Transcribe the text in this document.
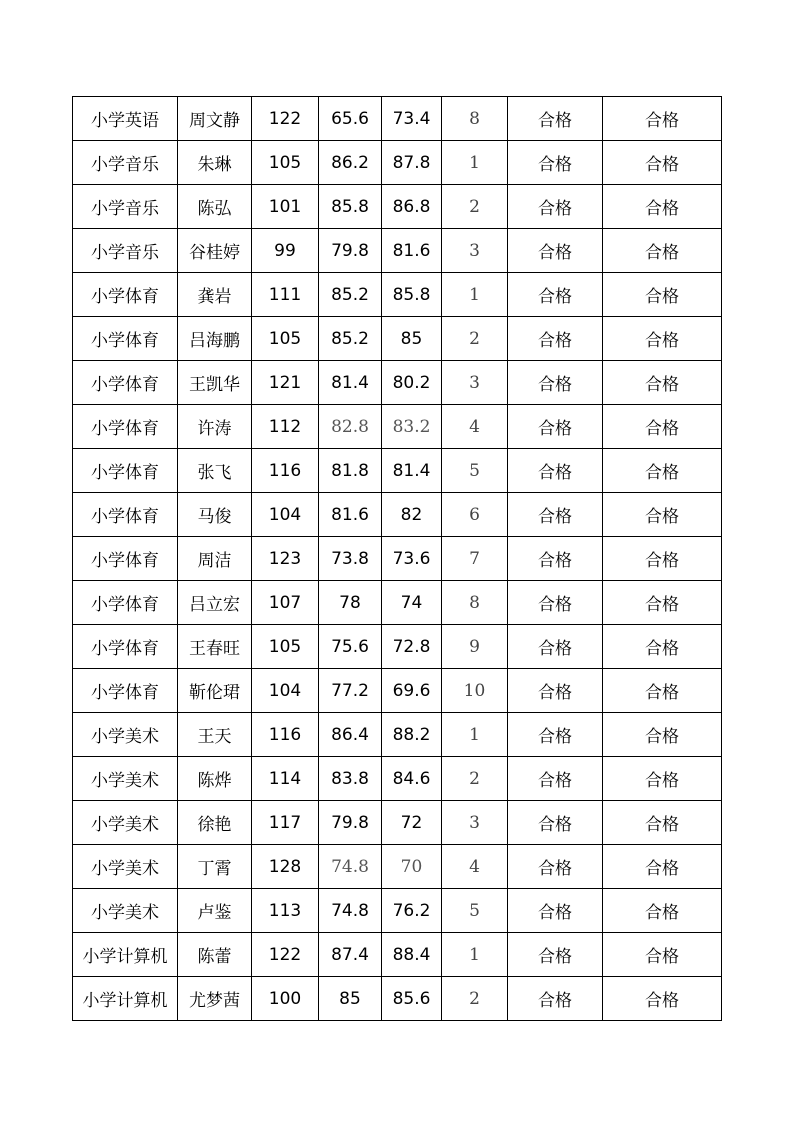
小学英语	周文静	122	65.6	73.4	8	合格	合格
小学音乐	朱琳	105	86.2	87.8	1	合格	合格
小学音乐	陈弘	101	85.8	86.8	2	合格	合格
小学音乐	谷桂婷	99	79.8	81.6	3	合格	合格
小学体育	龚岩	111	85.2	85.8	1	合格	合格
小学体育	吕海鹏	105	85.2	85	2	合格	合格
小学体育	王凯华	121	81.4	80.2	3	合格	合格
小学体育	许涛	112	82.8	83.2	4	合格	合格
小学体育	张飞	116	81.8	81.4	5	合格	合格
小学体育	马俊	104	81.6	82	6	合格	合格
小学体育	周洁	123	73.8	73.6	7	合格	合格
小学体育	吕立宏	107	78	74	8	合格	合格
小学体育	王春旺	105	75.6	72.8	9	合格	合格
小学体育	靳伦珺	104	77.2	69.6	10	合格	合格
小学美术	王天	116	86.4	88.2	1	合格	合格
小学美术	陈烨	114	83.8	84.6	2	合格	合格
小学美术	徐艳	117	79.8	72	3	合格	合格
小学美术	丁霄	128	74.8	70	4	合格	合格
小学美术	卢鉴	113	74.8	76.2	5	合格	合格
小学计算机	陈蕾	122	87.4	88.4	1	合格	合格
小学计算机	尤梦茜	100	85	85.6	2	合格	合格
